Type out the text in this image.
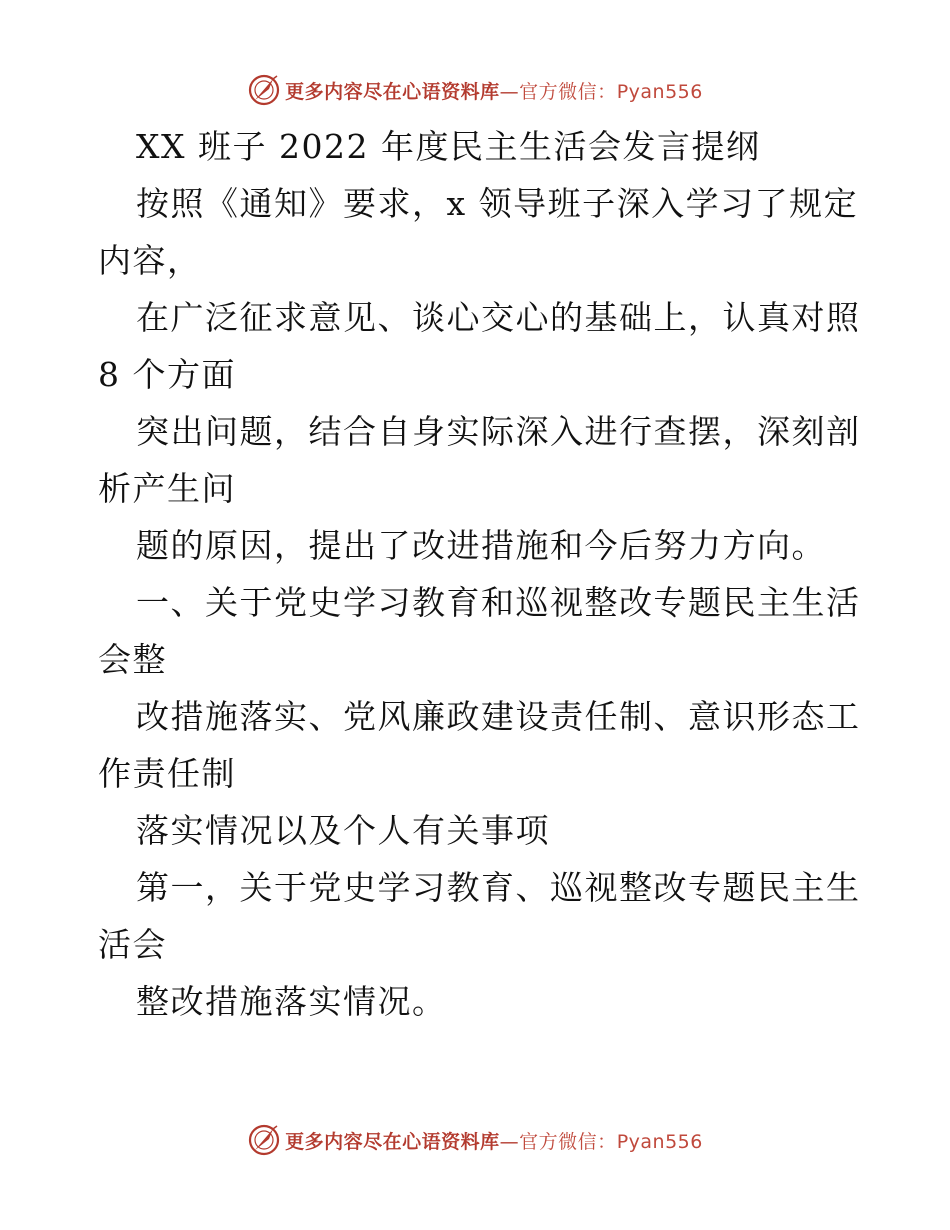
更多内容尽在心语资料库—官方微信：Pyan556
XX 班子 2022 年度民主生活会发言提纲
按照《通知》要求，x 领导班子深入学习了规定
内容，
在广泛征求意见、谈心交心的基础上，认真对照
8 个方面
突出问题，结合自身实际深入进行查摆，深刻剖
析产生问
题的原因，提出了改进措施和今后努力方向。
一、关于党史学习教育和巡视整改专题民主生活
会整
改措施落实、党风廉政建设责任制、意识形态工
作责任制
落实情况以及个人有关事项
第一，关于党史学习教育、巡视整改专题民主生
活会
整改措施落实情况。
更多内容尽在心语资料库—官方微信：Pyan556
